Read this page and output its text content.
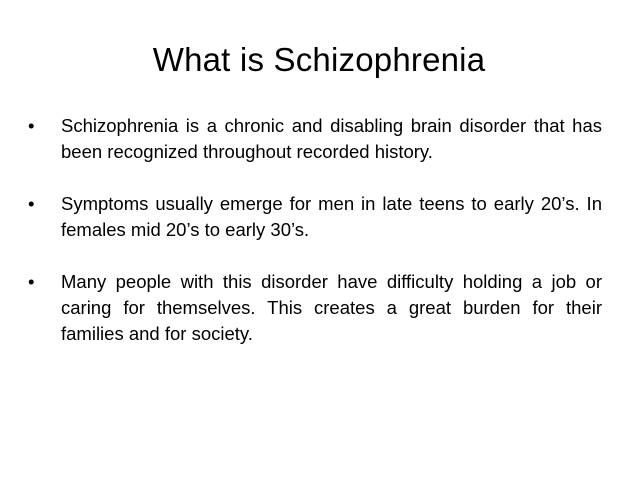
What is Schizophrenia
•	Schizophrenia is a chronic and disabling brain disorder that has been recognized throughout recorded history.
•	Symptoms usually emerge for men in late teens to early 20’s. In females mid 20’s to early 30’s.
•	Many people with this disorder have difficulty holding a job or caring for themselves. This creates a great burden for their families and for society.
